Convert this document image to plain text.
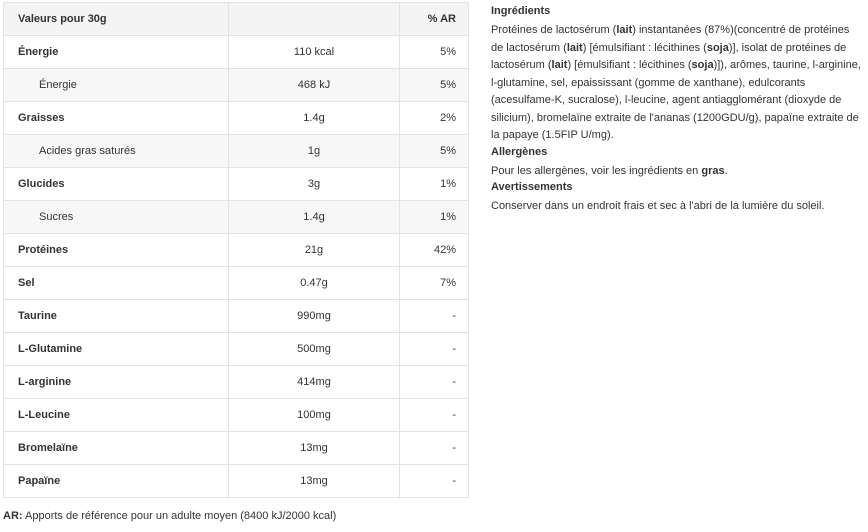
Valeurs pour 30g		% AR
Énergie	110 kcal	5%
Énergie	468 kJ	5%
Graisses	1.4g	2%
Acides gras saturés	1g	5%
Glucides	3g	1%
Sucres	1.4g	1%
Protéines	21g	42%
Sel	0.47g	7%
Taurine	990mg	-
L-Glutamine	500mg	-
L-arginine	414mg	-
L-Leucine	100mg	-
Bromelaïne	13mg	-
Papaïne	13mg	-
AR: Apports de référence pour un adulte moyen (8400 kJ/2000 kcal)
Ingrédients

Protéines de lactosérum (lait) instantanées (87%)(concentré de protéines de lactosérum (lait) [émulsifiant : lécithines (soja)], isolat de protéines de lactosérum (lait) [émulsifiant : lécithines (soja)]), arômes, taurine, l-arginine, l-glutamine, sel, epaississant (gomme de xanthane), edulcorants (acesulfame-K, sucralose), l-leucine, agent antiagglomérant (dioxyde de silicium), bromelaïne extraite de l'ananas (1200GDU/g), papaïne extraite de la papaye (1.5FIP U/mg).

Allergènes

Pour les allergènes, voir les ingrédients en gras.

Avertissements

Conserver dans un endroit frais et sec à l'abri de la lumière du soleil.
